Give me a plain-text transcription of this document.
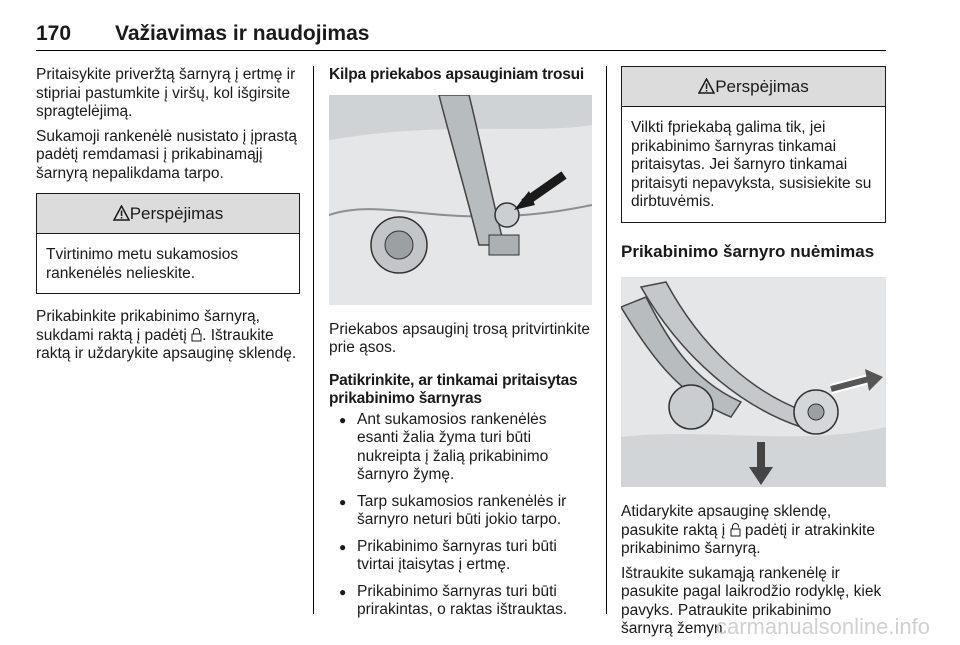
170 Važiavimas ir naudojimas

Pritaisykite priveržtą šarnyrą į ertmę ir stipriai pastumkite į viršų, kol išgirsite spragtelėjimą.

Sukamoji rankenėlė nusistato į įprastą padėtį remdamasi į prikabinamąjį šarnyrą nepalikdama tarpo.

Perspėjimas
Tvirtinimo metu sukamosios rankenėlės nelieskite.

Prikabinkite prikabinimo šarnyrą, sukdami raktą į padėtį . Ištraukite raktą ir uždarykite apsauginę sklendę.

Kilpa priekabos apsauginiam trosui

Priekabos apsauginį trosą pritvirtinkite prie ąsos.

Patikrinkite, ar tinkamai pritaisytas prikabinimo šarnyras

● Ant sukamosios rankenėlės esanti žalia žyma turi būti nukreipta į žalią prikabinimo šarnyro žymę.
● Tarp sukamosios rankenėlės ir šarnyro neturi būti jokio tarpo.
● Prikabinimo šarnyras turi būti tvirtai įtaisytas į ertmę.
● Prikabinimo šarnyras turi būti prirakintas, o raktas ištrauktas.
Perspėjimas
Vilkti fpriekabą galima tik, jei prikabinimo šarnyras tinkamai pritaisytas. Jei šarnyro tinkamai pritaisyti nepavyksta, susisiekite su dirbtuvėmis.
Prikabinimo šarnyro nuėmimas

Atidarykite apsauginę sklendę, pasukite raktą į  padėtį ir atrakinkite prikabinimo šarnyrą.

Ištraukite sukamąją rankenėlę ir pasukite pagal laikrodžio rodyklę, kiek pavyks. Patraukite prikabinimo šarnyrą žemyn.

carmanualsonline.info
